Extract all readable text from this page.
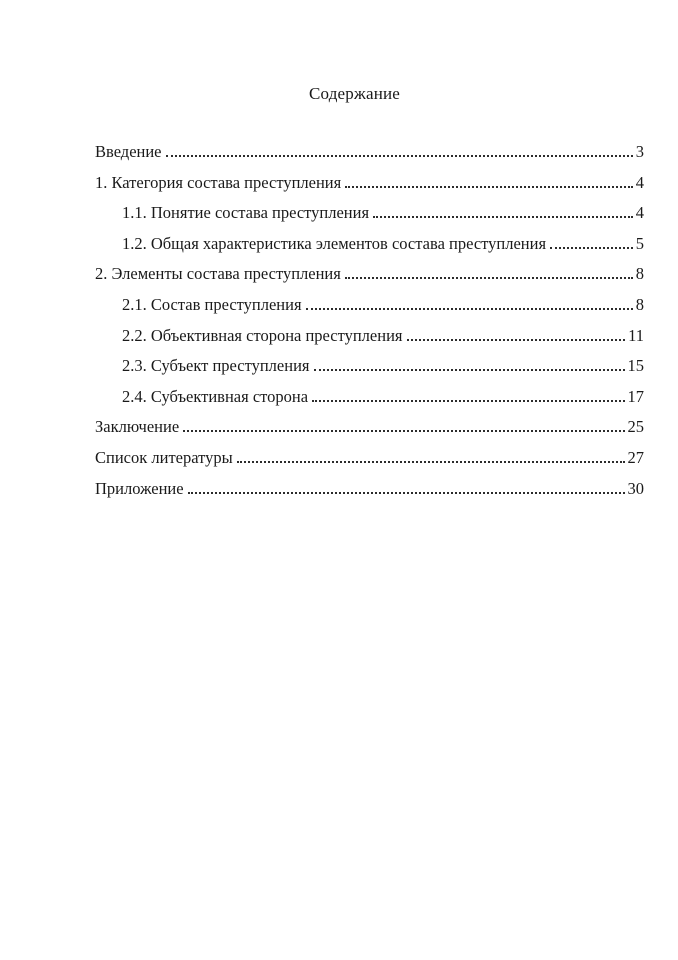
Содержание
Введение	3
1. Категория состава преступления	4
1.1. Понятие состава преступления	4
1.2. Общая характеристика элементов состава преступления	5
2. Элементы состава преступления	8
2.1. Состав преступления	8
2.2. Объективная сторона преступления	11
2.3. Субъект преступления	15
2.4. Субъективная сторона	17
Заключение	25
Список литературы	27
Приложение	30
